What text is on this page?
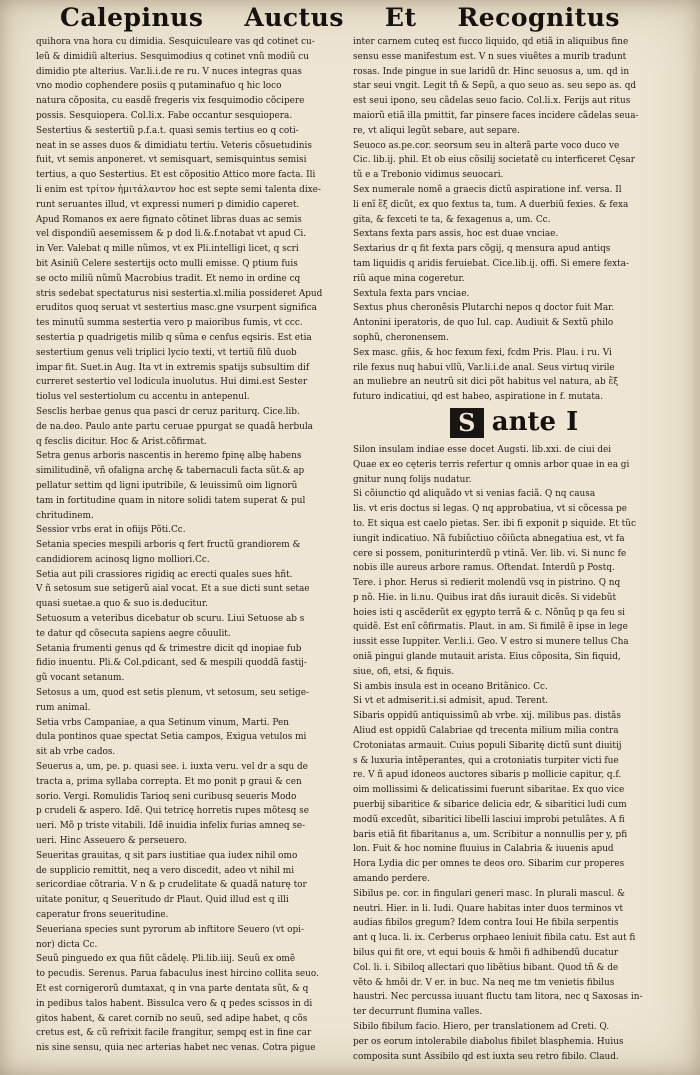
Calepinus Auctus Et Recognitus

quihora vna hora cu dimidia. Sesquiculeare vas qd cotinet cu-

leũ & dimidiũ alterius. Sesquimodius q cotinet vnũ modiũ cu

dimidio pte alterius. Var.li.i.de re ru. V nuces integras quas

vno modio cophendere posiis q putaminafuo q hic loco

natura cõposita, cu easdẽ fregeris vix fesquimodio cõcipere

possis. Sesquiopera. Col.li.x. Fabe occantur sesquiopera.

Sestertius & sestertiũ p.f.a.t. quasi semis tertius eo q coti-

neat in se asses duos & dimidiatu tertiu. Veteris cõsuetudinis

fuit, vt semis anponeret. vt semisquart, semisquintus semisi

tertius, a quo Sestertius. Et est cõpositio Attico more facta. Ili

li enim est τρίτον ἡμιτάλαντον hoc est septe semi talenta dixe-

runt seruantes illud, vt expressi numeri p dimidio caperet.

Apud Romanos ex aere fignato cõtinet libras duas ac semis

vel dispondiũ aesemissem & p dod li.&.f.notabat vt apud Ci.

in Ver. Valebat q mille nũmos, vt ex Pli.intelligi licet, q scri

bit Asiniũ Celere sestertijs octo mulli emisse. Q ptium fuis

se octo miliũ nũmũ Macrobius tradit. Et nemo in ordine cq

stris sedebat spectaturus nisi sestertia.xl.milia possideret Apud

eruditos quoq seruat vt sestertius masc.gne vsurpent significa

tes minutũ summa sestertia vero p maioribus fumis, vt ccc.

sestertia p quadrigetis milib q sũma e cenfus eqsiris. Est etia

sestertium genus veli triplici lycio texti, vt tertiũ filũ duob

impar fit. Suet.in Aug. Ita vt in extremis spatijs subsultim dif

curreret sestertio vel lodicula inuolutus. Hui dimi.est Sester

tiolus vel sestertiolum cu accentu in antepenul.

Sesclis herbae genus qua pasci dr ceruz pariturq. Cice.lib.

de na.deo. Paulo ante partu ceruae ppurgat se quadã herbula

q fesclis dicitur. Hoc & Arist.cõfirmat.

Setra genus arboris nascentis in heremo fpinę albę habens

similitudinẽ, vñ ofaligna archę & tabernaculi facta sũt.& ap

pellatur settim qd ligni iputribile, & leuissimũ oim lignorũ

tam in fortitudine quam in nitore solidi tatem superat & pul

chritudinem.

Sessior vrbs erat in ofiijs Põti.Cc.

Setania species mespili arboris q fert fructũ grandiorem &

candidiorem acinosq ligno molliori.Cc.

Setia aut pili crassiores rigidiq ac erecti quales sues hñt.

V ñ setosum sue setigerũ aial vocat. Et a sue dicti sunt setae

quasi suetae.a quo & suo is.deducitur.

Setuosum a veteribus dicebatur ob scuru. Liui Setuose ab s

te datur qd cõsecuta sapiens aegre cõuulit.

Setania frumenti genus qd & trimestre dicit qd inopiae fub

fidio inuentu. Pli.& Col.pdicant, sed & mespili quoddã fastij-

gũ vocant setanum.

Setosus a um, quod est setis plenum, vt setosum, seu setige-

rum animal.

Setia vrbs Campaniae, a qua Setinum vinum, Marti. Pen

dula pontinos quae spectat Setia campos, Exigua vetulos mi

sit ab vrbe cados.

Seuerus a, um, pe. p. quasi see. i. iuxta veru. vel dr a squ de

tracta a, prima syllaba correpta. Et mo ponit p graui & cen

sorio. Vergi. Romulidis Tarioq seni curibusq seueris Modo

p crudeli & aspero. Idẽ. Qui tetricę horretis rupes mõtesq se

ueri. Mõ p triste vitabili. Idẽ inuidia infelix furias amneq se-

ueri. Hinc Asseuero & perseuero.

Seueritas grauitas, q sit pars iustitiae qua iudex nihil omo

de supplicio remittit, neq a vero discedit, adeo vt nihil mi

sericordiae cõtraria. V n & p crudelitate & quadã naturę tor

uitate ponitur, q Seueritudo dr Plaut. Quid illud est q illi

caperatur frons seueritudine.

Seueriana species sunt pyrorum ab inftitore Seuero (vt opi-

nor) dicta Cc.

Seuũ pinguedo ex qua fiũt cãdelę. Pli.lib.iiij. Seuũ ex omẽ

to pecudis. Serenus. Parua fabaculus inest hircino collita seuo.

Et est cornigerorũ dumtaxat, q in vna parte dentata sũt, & q

in pedibus talos habent. Bissulca vero & q pedes scissos in di

gitos habent, & caret cornib no seuũ, sed adipe habet, q cõs

cretus est, & cũ refrixit facile frangitur, sempq est in fine car

nis sine sensu, quia nec arterias habet nec venas. Cotra pigue

inter carnem cuteq est fucco liquido, qd etiã in aliquibus fine

sensu esse manifestum est. V n sues viuẽtes a murib tradunt

rosas. Inde pingue in sue laridũ dr. Hinc seuosus a, um. qd in

star seui vngit. Legit tñ & Sepũ, a quo seuo as. seu sepo as. qd

est seui ipono, seu cãdelas seuo facio. Col.li.x. Ferijs aut ritus

maiorũ etiã illa pmittit, far pinsere faces incidere cãdelas seua-

re, vt aliqui legũt sebare, aut separe.

Seuoco as.pe.cor. seorsum seu in alterã parte voco duco ve

Cic. lib.ij. phil. Et ob eius cõsilij societatẽ cu interficeret Cęsar

tũ e a Trebonio vidimus seuocari.

Sex numerale nomẽ a graecis dictũ aspiratione inf. versa. Il

li enĩ ἕξ dicũt, ex quo fextus ta, tum. A duerbiũ fexies. & fexa

gita, & fexceti te ta, & fexagenus a, um. Cc.

Sextans fexta pars assis, hoc est duae vnciae.

Sextarius dr q fit fexta pars cõgij, q mensura apud antiqs

tam liquidis q aridis feruiebat. Cice.lib.ij. offi. Si emere fexta-

riũ aque mina cogeretur.

Sextula fexta pars vnciae.

Sextus phus cheronẽsis Plutarchi nepos q doctor fuit Mar.

Antonini iperatoris, de quo Iul. cap. Audiuit & Sextũ philo

sophũ, cheronensem.

Sex masc. gñis, & hoc fexum fexi, fcdm Pris. Plau. i ru. Vi

rile fexus nuq habui vllũ, Var.li.i.de anal. Seus virtuq virile

an muliebre an neutrũ sit dici põt habitus vel natura, ab ἕξ

futuro indicatiui, qd est habeo, aspiratione in f. mutata.

S ante I

Silon insulam indiae esse docet Augsti. lib.xxi. de ciui dei

Quae ex eo cęteris terris refertur q omnis arbor quae in ea gi

gnitur nunq folijs nudatur.

Si cõiunctio qd aliquãdo vt si venias faciã. Q nq causa

lis. vt eris doctus si legas. Q nq approbatiua, vt si cõcessa pe

to. Et siqua est caelo pietas. Ser. ibi fi exponit p siquide. Et tũc

iungit indicatiuo. Nã fubiũctiuo cõiũcta abnegatiua est, vt fa

cere si possem, poniturinterdũ p vtinã. Ver. lib. vi. Si nunc fe

nobis ille aureus arbore ramus. Oftendat. Interdũ p Postq.

Tere. i phor. Herus si redierit molendũ vsq in pistrino. Q nq

p nõ. Hie. in li.nu. Quibus irat dñs iurauit dicẽs. Si videbũt

hoies isti q ascẽderũt ex ęgypto terrã & c. Nõnũq p qa feu si

quidẽ. Est enĩ cõfirmatis. Plaut. in am. Si fimilẽ ẽ ipse in lege

iussit esse Iuppiter. Ver.li.i. Geo. V estro si munere tellus Cha

oniã pingui glande mutauit arista. Eius cõposita, Sin fiquid,

siue, ofi, etsi, & fiquis.

Si ambis insula est in oceano Britãnico. Cc.

Si vt et admiserit.i.si admisit, apud. Terent.

Sibaris oppidũ antiquissimũ ab vrbe. xij. milibus pas. distãs

Aliud est oppidũ Calabriae qd trecenta milium milia contra

Crotoniatas armauit. Cuius populi Sibaritę dictũ sunt diuitij

s & luxuria intẽperantes, qui a crotoniatis turpiter victi fue

re. V ñ apud idoneos auctores sibaris p mollicie capitur, q.f.

oim mollissimi & delicatissimi fuerunt sibaritae. Ex quo vice

puerbij sibaritice & sibarice delicia edr, & sibaritici ludi cum

modũ excedũt, sibaritici libelli lasciui improbi petulãtes. A fi

baris etiã fit fibaritanus a, um. Scribitur a nonnullis per y, pfi

lon. Fuit & hoc nomine fluuius in Calabria & iuuenis apud

Hora Lydia dic per omnes te deos oro. Sibarim cur properes

amando perdere.

Sibilus pe. cor. in fingulari generi masc. In plurali mascul. &

neutri. Hier. in li. Iudi. Quare habitas inter duos terminos vt

audias fibilos gregum? Idem contra Ioui He fibila serpentis

ant q luca. li. ix. Cerberus orphaeo leniuit fibila catu. Est aut fi

bilus qui fit ore, vt equi bouis & hmõi fi adhibendũ ducatur

Col. li. i. Sibiloq allectari quo libẽtius bibant. Quod tñ & de

vẽto & hmõi dr. V er. in buc. Na neq me tm venietis fibilus

haustri. Nec percussa iuuant fluctu tam litora, nec q Saxosas in-

ter decurrunt flumina valles.

Sibilo fibilum facio. Hiero, per translationem ad Creti. Q.

per os eorum intolerabile diabolus fibilet blasphemia. Huius

composita sunt Assibilo qd est iuxta seu retro fibilo. Claud.
